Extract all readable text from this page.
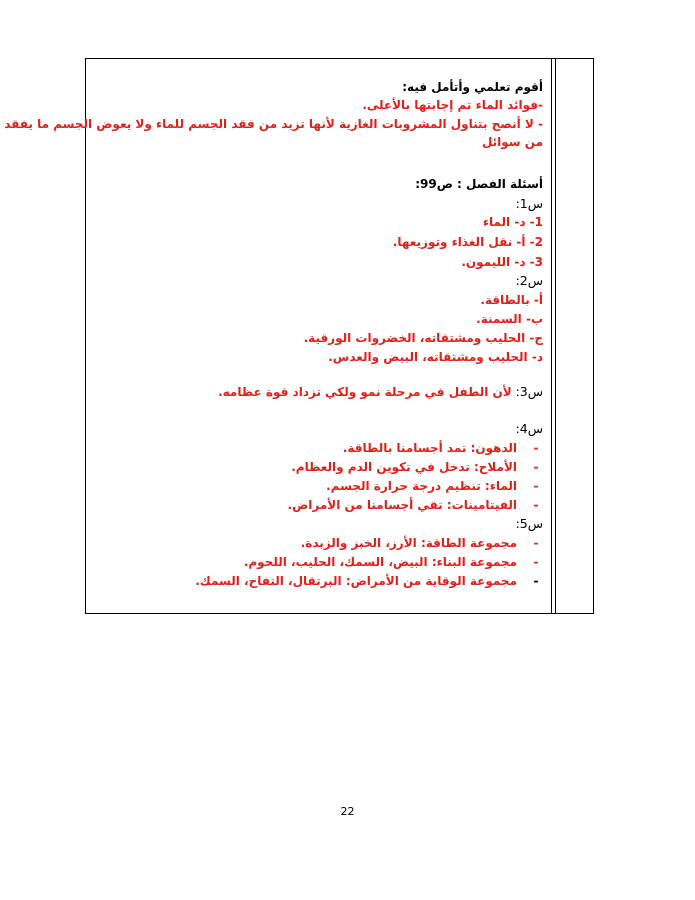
أقوم تعلمي وأتأمل فيه:
-فوائد الماء تم إجابتها بالأعلى.
- لا أنصح بتناول المشروبات الغازية لأنها تزيد من فقد الجسم للماء ولا يعوض الجسم ما يفقد
من سوائل
أسئلة الفصل : ص99:
س1:
1- د- الماء
2- أ- نقل الغذاء وتوزيعها.
3- د- الليمون.
س2:
أ- بالطاقة.
ب- السمنة.
ج- الحليب ومشتقاته، الخضروات الورقية.
د- الحليب ومشتقاته، البيض والعدس.
س3: لأن الطفل في مرحلة نمو ولكي تزداد قوة عظامه.
س4:
-
الدهون: تمد أجسامنا بالطاقة.
-
الأملاح: تدخل في تكوين الدم والعظام.
-
الماء: تنظيم درجة حرارة الجسم.
-
الفيتامينات: تقي أجسامنا من الأمراض.
س5:
-
مجموعة الطاقة: الأرز، الخبز والزبدة.
-
مجموعة البناء: البيض، السمك، الحليب، اللحوم.
-
مجموعة الوقاية من الأمراض: البرتقال، التفاح، السمك.
22
